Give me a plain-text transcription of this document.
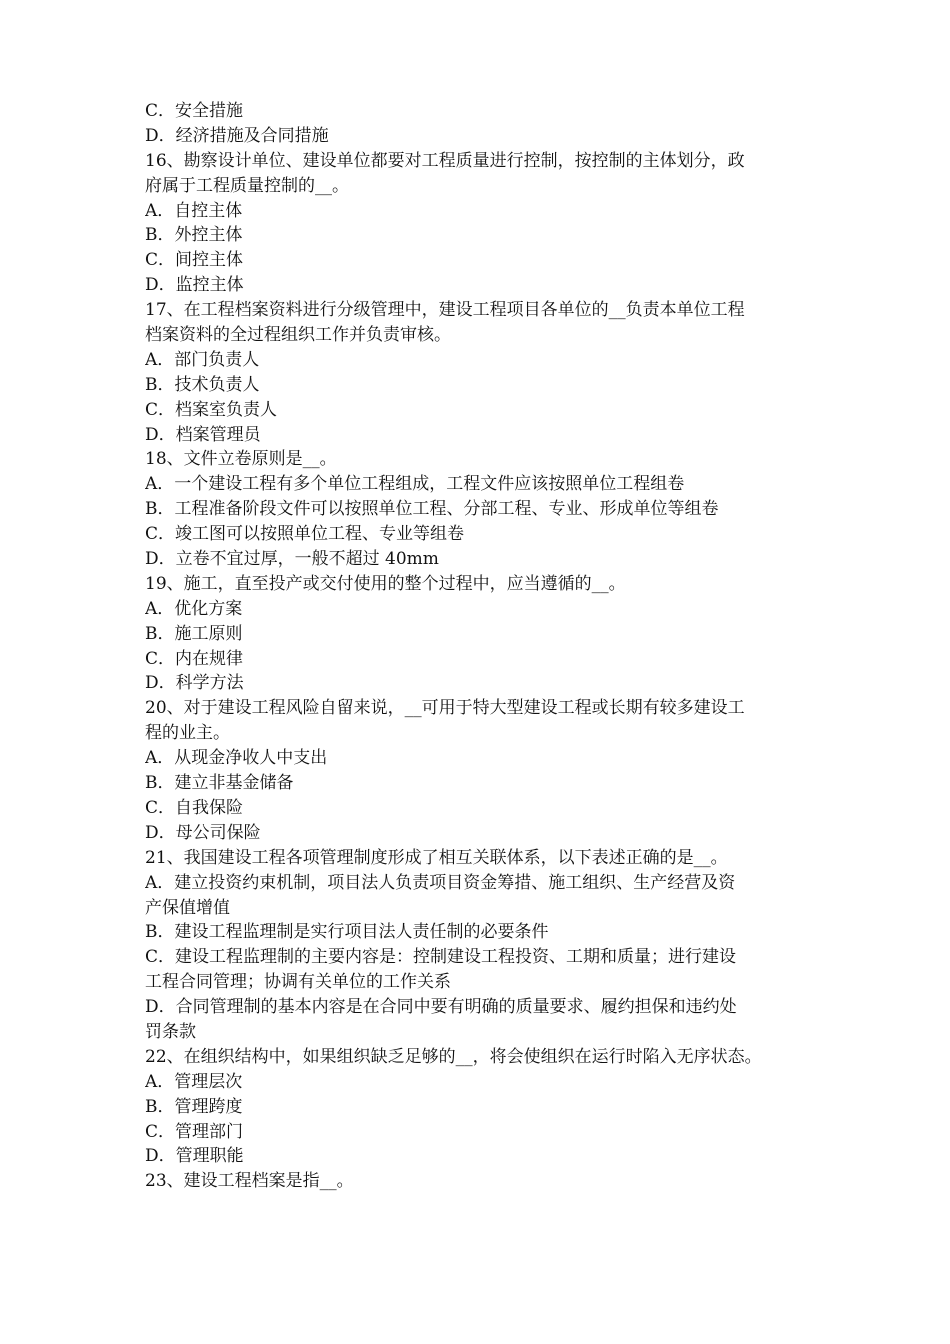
C．安全措施
D．经济措施及合同措施
16、勘察设计单位、建设单位都要对工程质量进行控制，按控制的主体划分，政
府属于工程质量控制的__。
A．自控主体
B．外控主体
C．间控主体
D．监控主体
17、在工程档案资料进行分级管理中，建设工程项目各单位的__负责本单位工程
档案资料的全过程组织工作并负责审核。
A．部门负责人
B．技术负责人
C．档案室负责人
D．档案管理员
18、文件立卷原则是__。
A．一个建设工程有多个单位工程组成，工程文件应该按照单位工程组卷
B．工程准备阶段文件可以按照单位工程、分部工程、专业、形成单位等组卷
C．竣工图可以按照单位工程、专业等组卷
D．立卷不宜过厚，一般不超过 40mm
19、施工，直至投产或交付使用的整个过程中，应当遵循的__。
A．优化方案
B．施工原则
C．内在规律
D．科学方法
20、对于建设工程风险自留来说，__可用于特大型建设工程或长期有较多建设工
程的业主。
A．从现金净收人中支出
B．建立非基金储备
C．自我保险
D．母公司保险
21、我国建设工程各项管理制度形成了相互关联体系，以下表述正确的是__。
A．建立投资约束机制，项目法人负责项目资金筹措、施工组织、生产经营及资
产保值增值
B．建设工程监理制是实行项目法人责任制的必要条件
C．建设工程监理制的主要内容是：控制建设工程投资、工期和质量；进行建设
工程合同管理；协调有关单位的工作关系
D．合同管理制的基本内容是在合同中要有明确的质量要求、履约担保和违约处
罚条款
22、在组织结构中，如果组织缺乏足够的__，将会使组织在运行时陷入无序状态。
A．管理层次
B．管理跨度
C．管理部门
D．管理职能
23、建设工程档案是指__。
